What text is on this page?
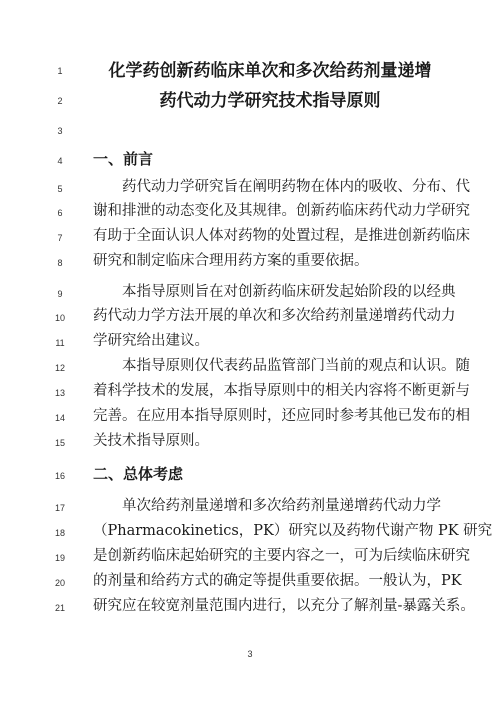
1	化学药创新药临床单次和多次给药剂量递增
2	药代动力学研究技术指导原则
3
4	一、前言
5	药代动力学研究旨在阐明药物在体内的吸收、分布、代
6	谢和排泄的动态变化及其规律。创新药临床药代动力学研究
7	有助于全面认识人体对药物的处置过程，是推进创新药临床
8	研究和制定临床合理用药方案的重要依据。
9	本指导原则旨在对创新药临床研发起始阶段的以经典
10	药代动力学方法开展的单次和多次给药剂量递增药代动力
11	学研究给出建议。
12	本指导原则仅代表药品监管部门当前的观点和认识。随
13	着科学技术的发展，本指导原则中的相关内容将不断更新与
14	完善。在应用本指导原则时，还应同时参考其他已发布的相
15	关技术指导原则。
16	二、总体考虑
17	单次给药剂量递增和多次给药剂量递增药代动力学
18	（Pharmacokinetics，PK）研究以及药物代谢产物 PK 研究
19	是创新药临床起始研究的主要内容之一，可为后续临床研究
20	的剂量和给药方式的确定等提供重要依据。一般认为，PK
21	研究应在较宽剂量范围内进行，以充分了解剂量-暴露关系。
3
